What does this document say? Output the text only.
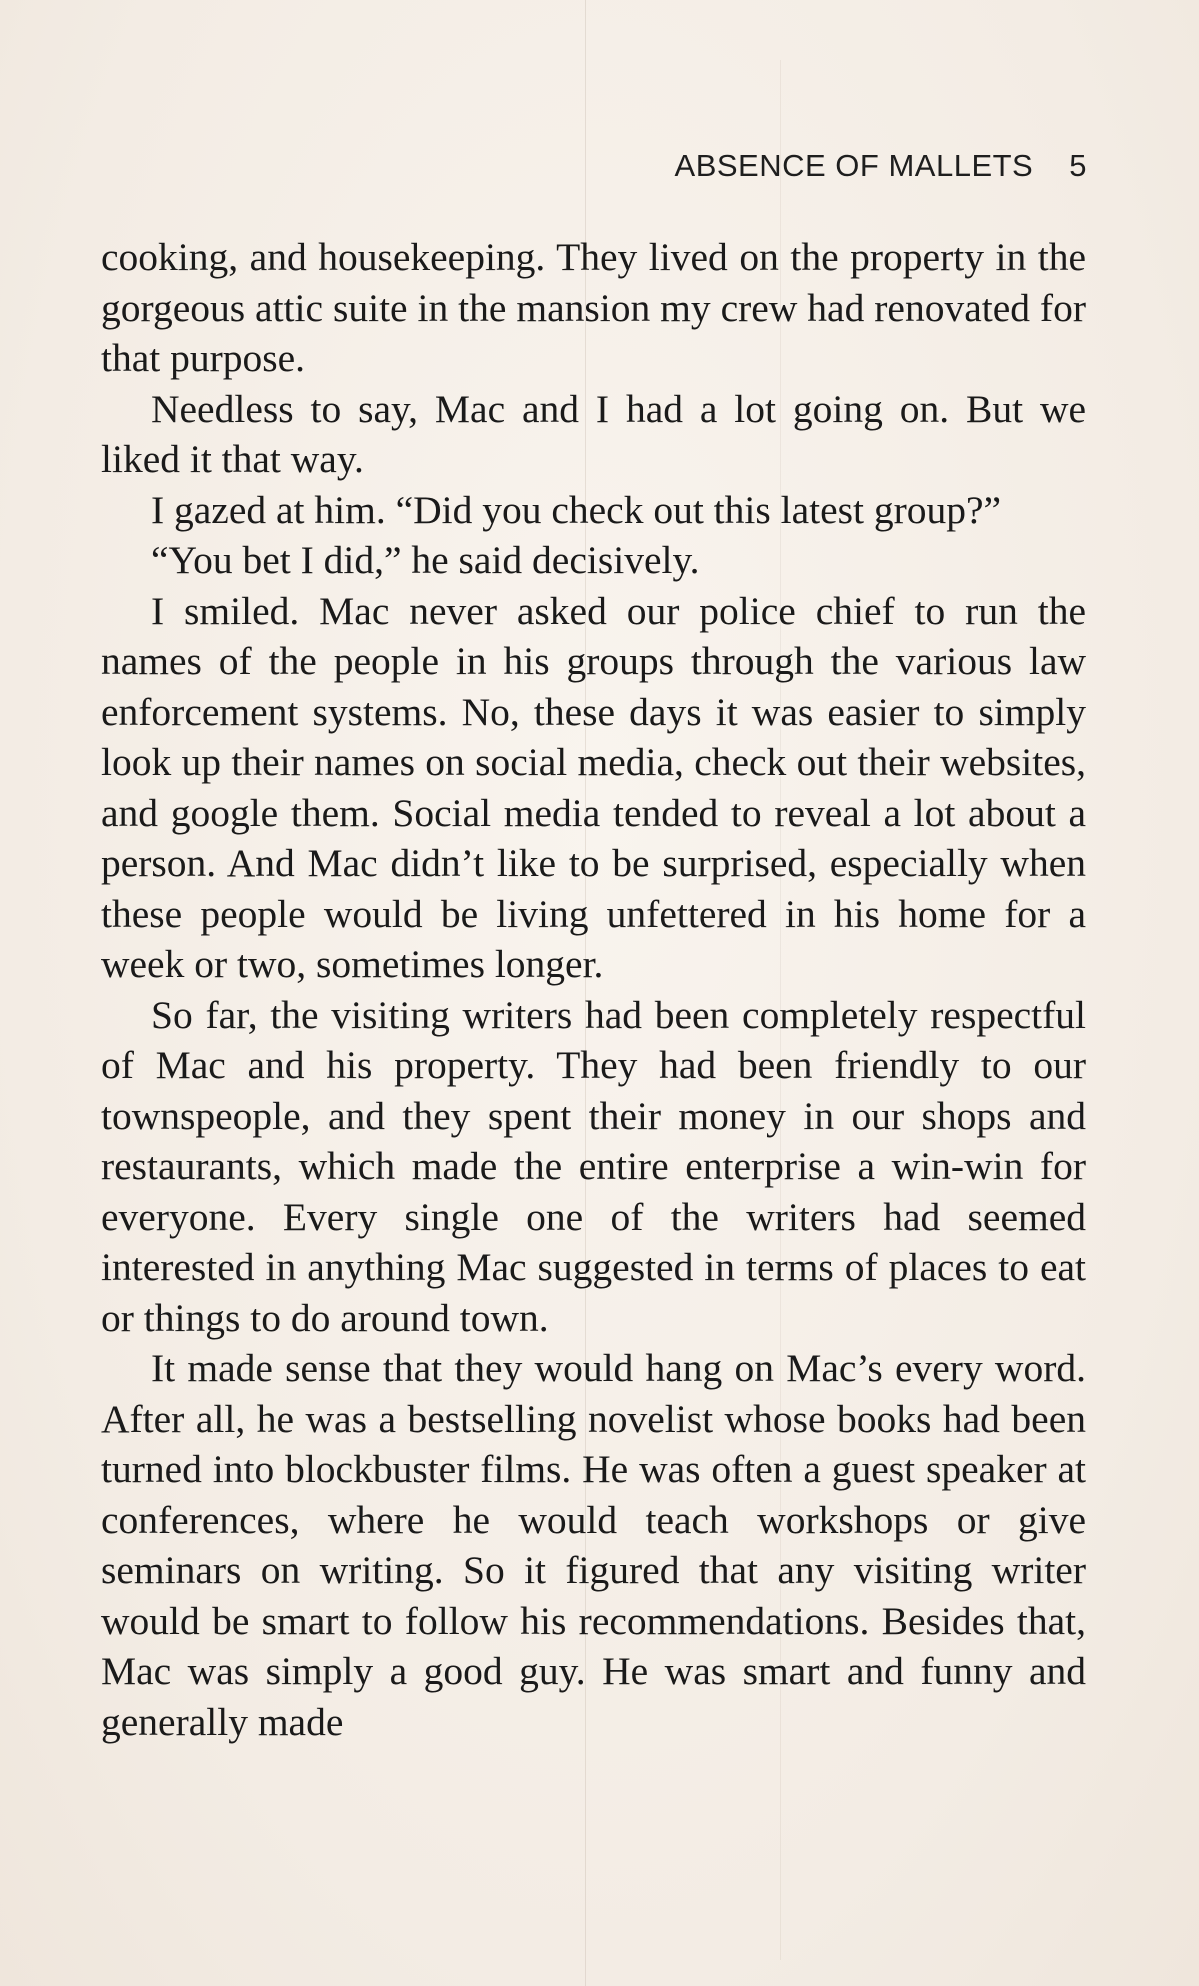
ABSENCE OF MALLETS 5

cooking, and housekeeping. They lived on the property in the gorgeous attic suite in the mansion my crew had renovated for that purpose.

Needless to say, Mac and I had a lot going on. But we liked it that way.

I gazed at him. “Did you check out this latest group?”

“You bet I did,” he said decisively.

I smiled. Mac never asked our police chief to run the names of the people in his groups through the various law enforcement systems. No, these days it was easier to simply look up their names on social media, check out their websites, and google them. Social media tended to reveal a lot about a person. And Mac didn’t like to be surprised, especially when these people would be living unfettered in his home for a week or two, sometimes longer.

So far, the visiting writers had been completely respectful of Mac and his property. They had been friendly to our townspeople, and they spent their money in our shops and restaurants, which made the entire enterprise a win-win for everyone. Every single one of the writers had seemed interested in anything Mac suggested in terms of places to eat or things to do around town.

It made sense that they would hang on Mac’s every word. After all, he was a bestselling novelist whose books had been turned into blockbuster films. He was often a guest speaker at conferences, where he would teach workshops or give seminars on writing. So it figured that any visiting writer would be smart to follow his recommendations. Besides that, Mac was simply a good guy. He was smart and funny and generally made
